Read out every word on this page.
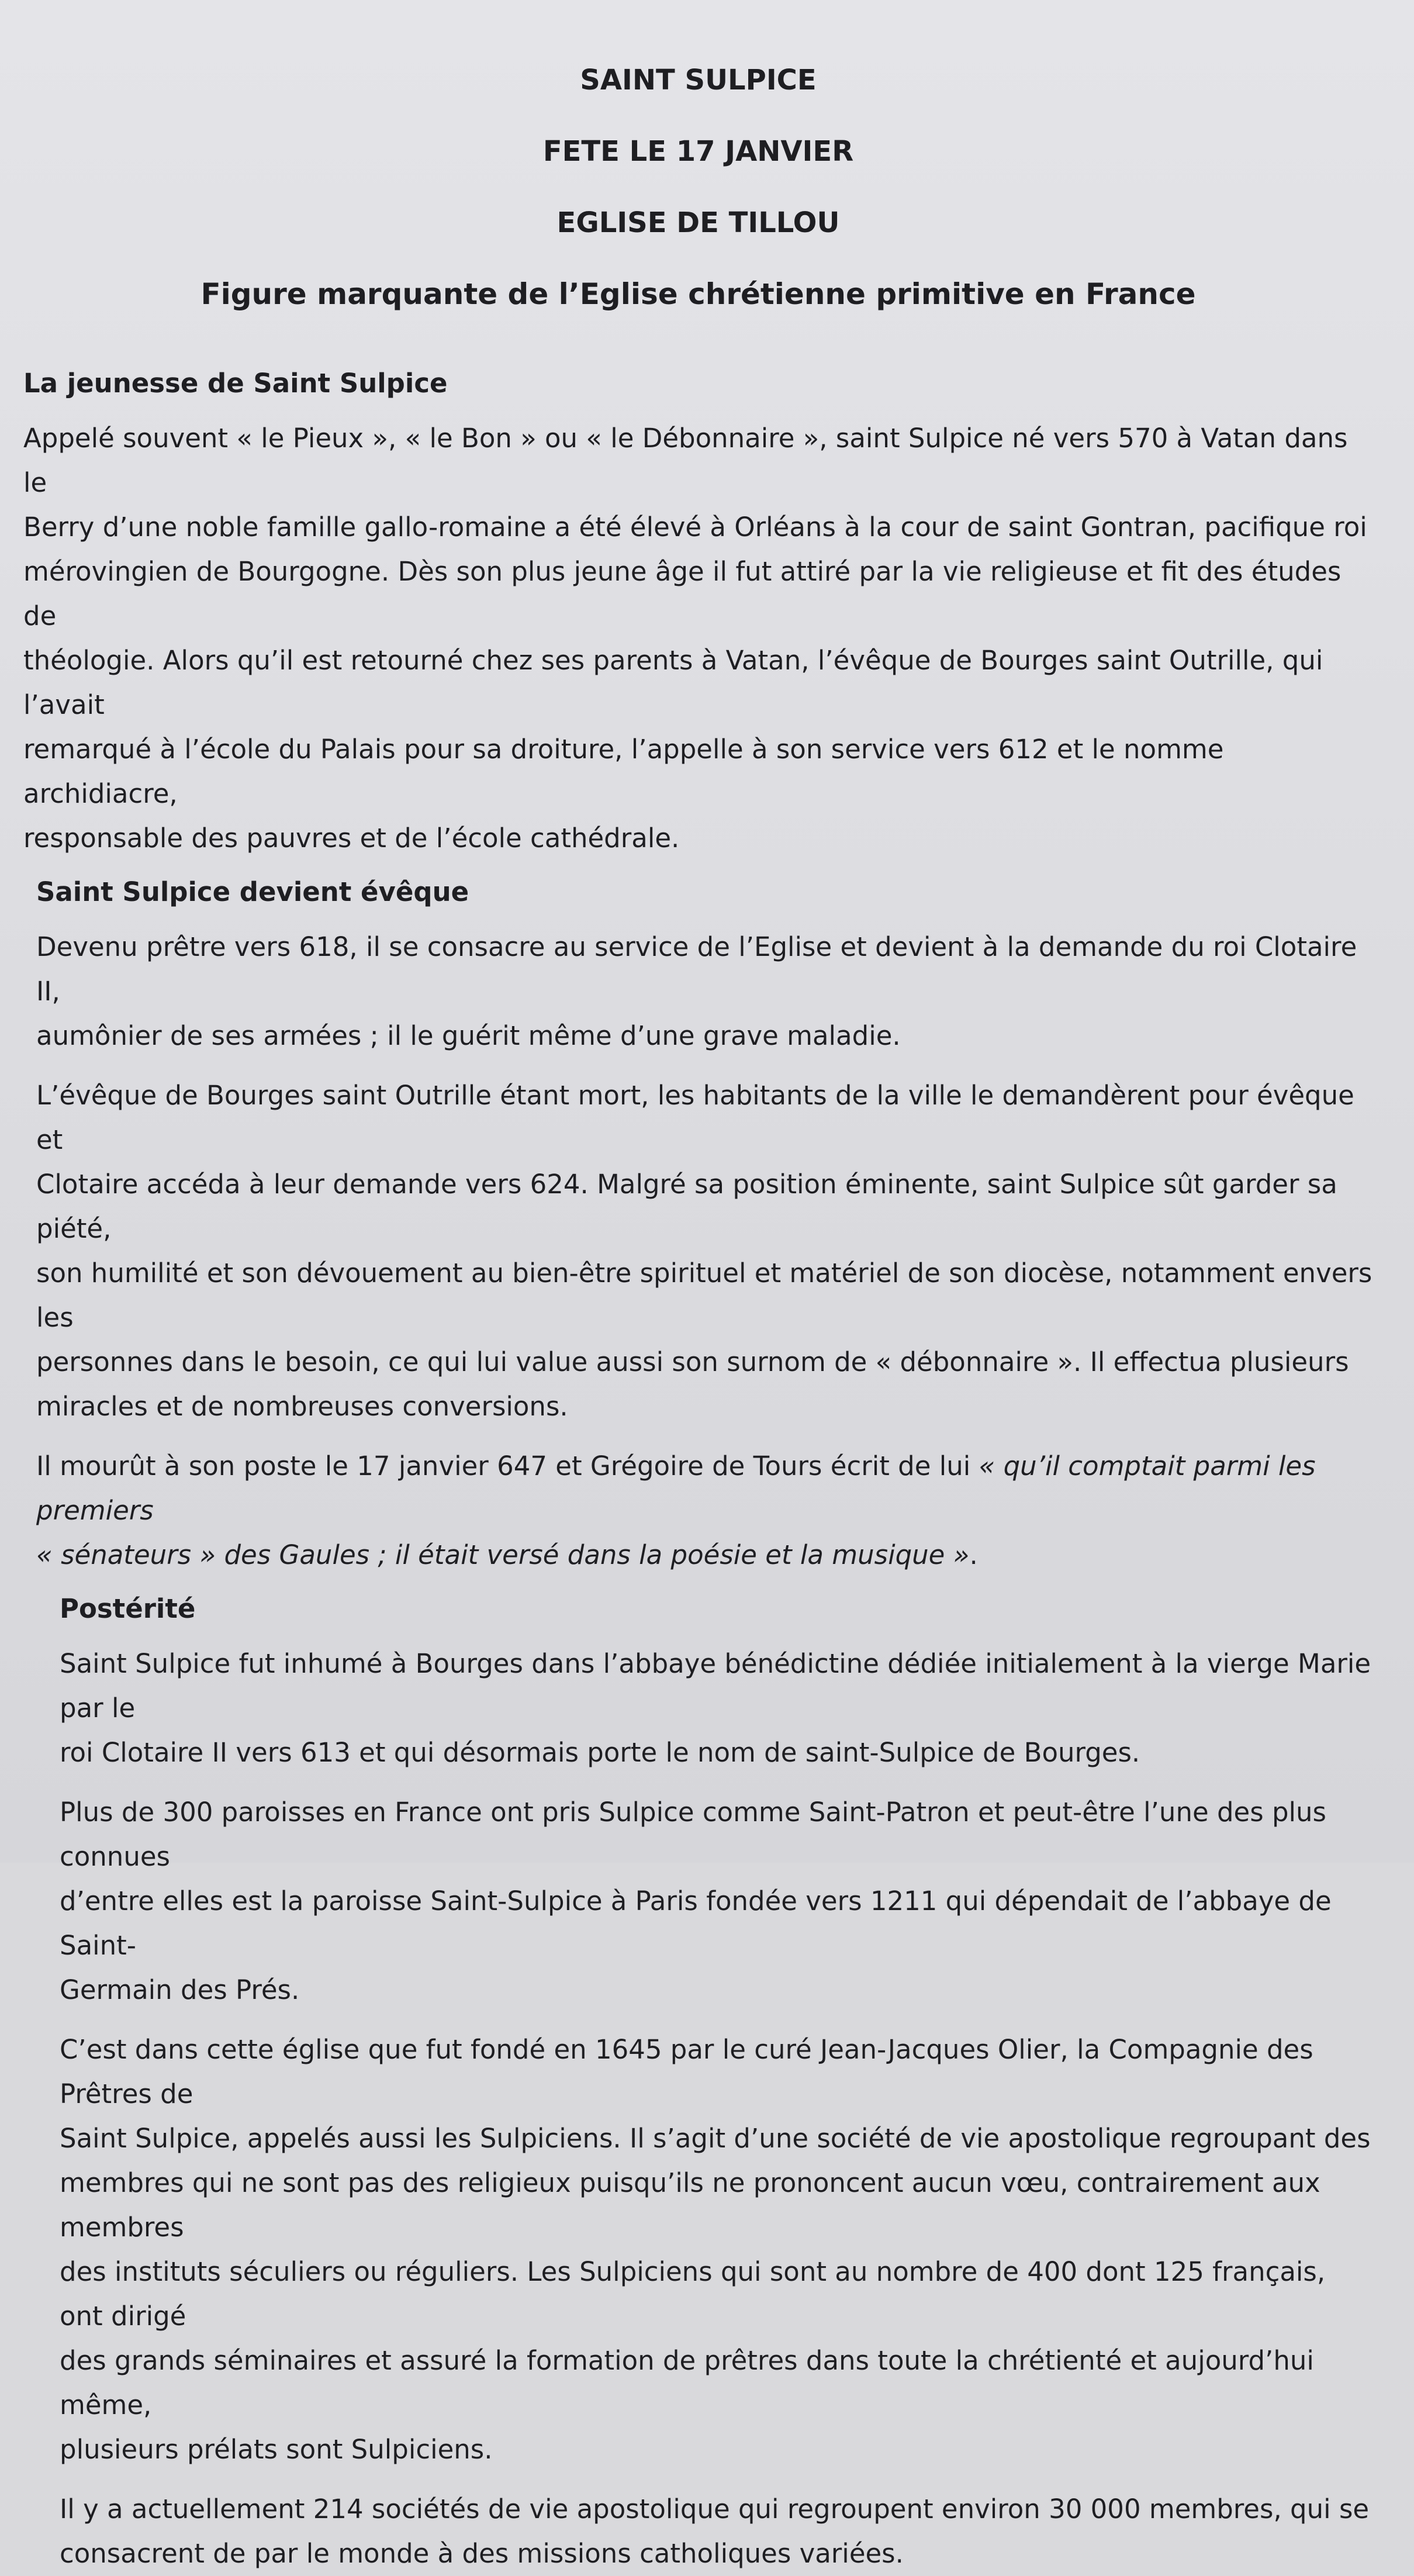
SAINT SULPICE
FETE LE 17 JANVIER
EGLISE DE TILLOU
Figure marquante de l’Eglise chrétienne primitive en France
La jeunesse de Saint Sulpice
Appelé souvent « le Pieux », « le Bon » ou « le Débonnaire », saint Sulpice né vers 570 à Vatan dans le
Berry d’une noble famille gallo-romaine a été élevé à Orléans à la cour de saint Gontran, pacifique roi
mérovingien de Bourgogne. Dès son plus jeune âge il fut attiré par la vie religieuse et fit des études de
théologie. Alors qu’il est retourné chez ses parents à Vatan, l’évêque de Bourges saint Outrille, qui l’avait
remarqué à l’école du Palais pour sa droiture, l’appelle à son service vers 612 et le nomme archidiacre,
responsable des pauvres et de l’école cathédrale.
Saint Sulpice devient évêque
Devenu prêtre vers 618, il se consacre au service de l’Eglise et devient à la demande du roi Clotaire II,
aumônier de ses armées ; il le guérit même d’une grave maladie.
L’évêque de Bourges saint Outrille étant mort, les habitants de la ville le demandèrent pour évêque et
Clotaire accéda à leur demande vers 624. Malgré sa position éminente, saint Sulpice sût garder sa piété,
son humilité et son dévouement au bien-être spirituel et matériel de son diocèse, notamment envers les
personnes dans le besoin, ce qui lui value aussi son surnom de « débonnaire ». Il effectua plusieurs
miracles et de nombreuses conversions.
Il mourût à son poste le 17 janvier 647 et Grégoire de Tours écrit de lui « qu’il comptait parmi les premiers
« sénateurs » des Gaules ; il était versé dans la poésie et la musique ».
Postérité
Saint Sulpice fut inhumé à Bourges dans l’abbaye bénédictine dédiée initialement à la vierge Marie par le
roi Clotaire II vers 613 et qui désormais porte le nom de saint-Sulpice de Bourges.
Plus de 300 paroisses en France ont pris Sulpice comme Saint-Patron et peut-être l’une des plus connues
d’entre elles est la paroisse Saint-Sulpice à Paris fondée vers 1211 qui dépendait de l’abbaye de Saint-
Germain des Prés.
C’est dans cette église que fut fondé en 1645 par le curé Jean-Jacques Olier, la Compagnie des Prêtres de
Saint Sulpice, appelés aussi les Sulpiciens. Il s’agit d’une société de vie apostolique regroupant des
membres qui ne sont pas des religieux puisqu’ils ne prononcent aucun vœu, contrairement aux membres
des instituts séculiers ou réguliers. Les Sulpiciens qui sont au nombre de 400 dont 125 français, ont dirigé
des grands séminaires et assuré la formation de prêtres dans toute la chrétienté et aujourd’hui même,
plusieurs prélats sont Sulpiciens.
Il y a actuellement 214 sociétés de vie apostolique qui regroupent environ 30 000 membres, qui se
consacrent de par le monde à des missions catholiques variées.
